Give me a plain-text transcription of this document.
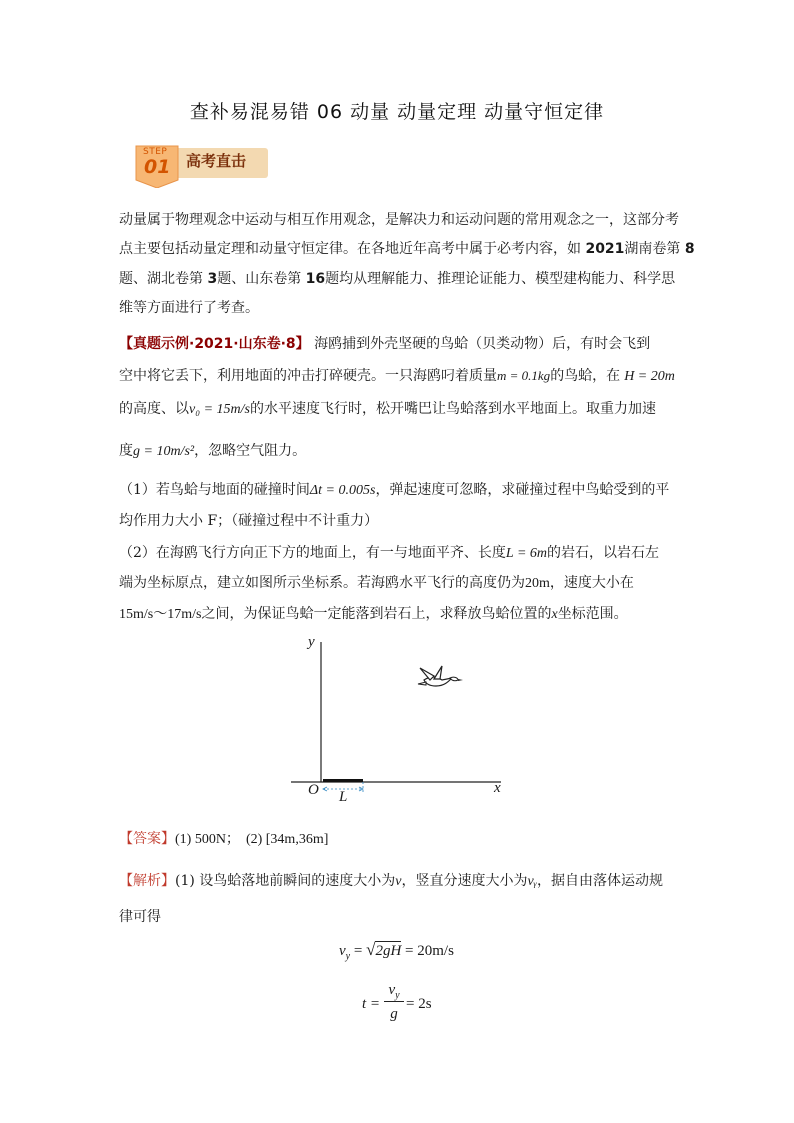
查补易混易错 06 动量 动量定理 动量守恒定律
STEP
01 高考直击
动量属于物理观念中运动与相互作用观念，是解决力和运动问题的常用观念之一，这部分考
点主要包括动量定理和动量守恒定律。在各地近年高考中属于必考内容，如 2021湖南卷第 8
题、湖北卷第 3题、山东卷第 16题均从理解能力、推理论证能力、模型建构能力、科学思
维等方面进行了考查。
【真题示例·2021·山东卷·8】 海鸥捕到外壳坚硬的鸟蛤（贝类动物）后，有时会飞到
空中将它丢下，利用地面的冲击打碎硬壳。一只海鸥叼着质量m = 0.1kg的鸟蛤，在 H = 20m
的高度、以v₀ = 15m/s的水平速度飞行时，松开嘴巴让鸟蛤落到水平地面上。取重力加速
度g = 10m/s²，忽略空气阻力。
（1）若鸟蛤与地面的碰撞时间Δt = 0.005s，弹起速度可忽略，求碰撞过程中鸟蛤受到的平
均作用力大小 F；（碰撞过程中不计重力）
（2）在海鸥飞行方向正下方的地面上，有一与地面平齐、长度L = 6m的岩石，以岩石左
端为坐标原点，建立如图所示坐标系。若海鸥水平飞行的高度仍为20m，速度大小在
15m/s～17m/s之间，为保证鸟蛤一定能落到岩石上，求释放鸟蛤位置的x坐标范围。
y
x
O L
【答案】(1) 500N； (2) [34m,36m]
【解析】(1) 设鸟蛤落地前瞬间的速度大小为v，竖直分速度大小为vᵧ，据自由落体运动规
律可得
$v_y = √2gH = 20m/s$
t =
$v_y$
g
= 2s
